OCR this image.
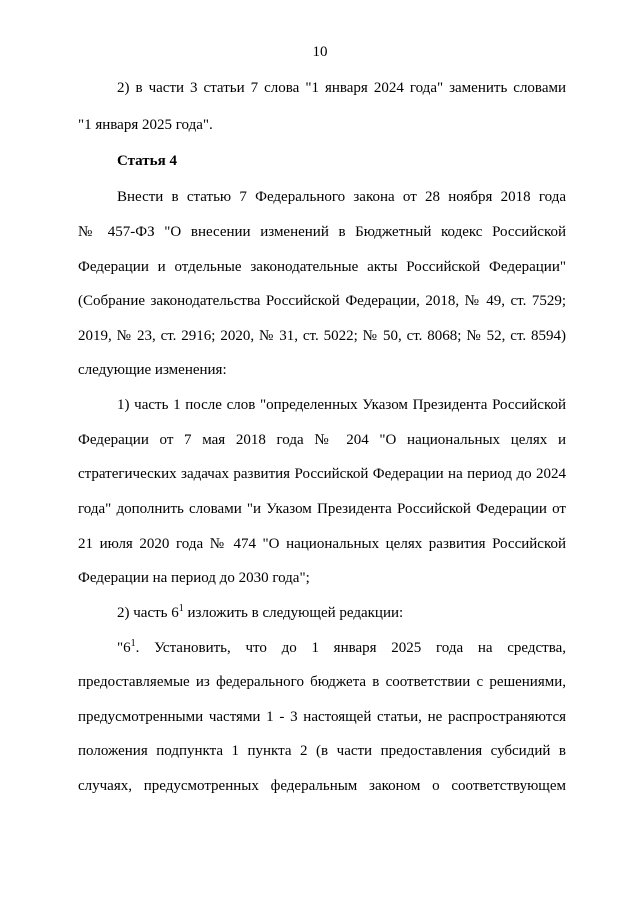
10
2) в части 3 статьи 7 слова "1 января 2024 года" заменить словами
"1 января 2025 года".
Статья 4
Внести в статью 7 Федерального закона от 28 ноября 2018 года
№ 457-ФЗ "О внесении изменений в Бюджетный кодекс Российской
Федерации и отдельные законодательные акты Российской Федерации"
(Собрание законодательства Российской Федерации, 2018, № 49, ст. 7529;
2019, № 23, ст. 2916; 2020, № 31, ст. 5022; № 50, ст. 8068; № 52, ст. 8594)
следующие изменения:
1) часть 1 после слов "определенных Указом Президента Российской
Федерации от 7 мая 2018 года № 204 "О национальных целях и
стратегических задачах развития Российской Федерации на период до 2024
года" дополнить словами "и Указом Президента Российской Федерации от
21 июля 2020 года № 474 "О национальных целях развития Российской
Федерации на период до 2030 года";
2) часть $6^1$ изложить в следующей редакции:
"$6^1$. Установить, что до 1 января 2025 года на средства,
предоставляемые из федерального бюджета в соответствии с решениями,
предусмотренными частями 1 - 3 настоящей статьи, не распространяются
положения подпункта 1 пункта 2 (в части предоставления субсидий в
случаях, предусмотренных федеральным законом о соответствующем
